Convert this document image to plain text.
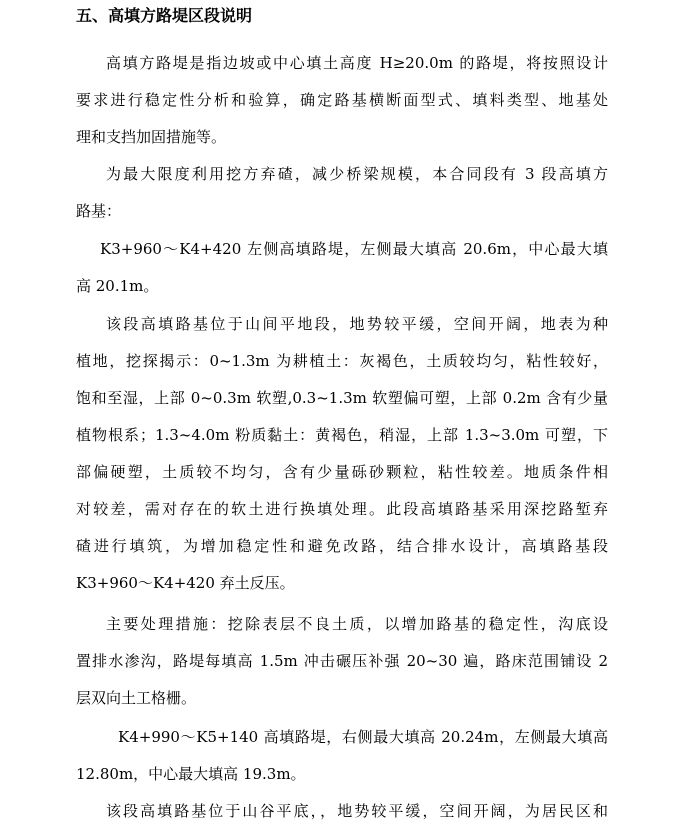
五、高填方路堤区段说明
高填方路堤是指边坡或中心填土高度 H≥20.0m 的路堤，将按照设计
要求进行稳定性分析和验算，确定路基横断面型式、填料类型、地基处
理和支挡加固措施等。
为最大限度利用挖方弃碴，减少桥梁规模，本合同段有 3 段高填方
路基：
K3+960～K4+420 左侧高填路堤，左侧最大填高 20.6m，中心最大填
高 20.1m。
该段高填路基位于山间平地段，地势较平缓，空间开阔，地表为种
植地，挖探揭示：0~1.3m 为耕植土：灰褐色，土质较均匀，粘性较好，
饱和至湿，上部 0~0.3m 软塑,0.3~1.3m 软塑偏可塑，上部 0.2m 含有少量
植物根系；1.3~4.0m 粉质黏土：黄褐色，稍湿，上部 1.3~3.0m 可塑，下
部偏硬塑，土质较不均匀，含有少量砾砂颗粒，粘性较差。地质条件相
对较差，需对存在的软土进行换填处理。此段高填路基采用深挖路堑弃
碴进行填筑，为增加稳定性和避免改路，结合排水设计，高填路基段
K3+960～K4+420 弃土反压。
主要处理措施：挖除表层不良土质，以增加路基的稳定性，沟底设
置排水渗沟，路堤每填高 1.5m 冲击碾压补强 20~30 遍，路床范围铺设 2
层双向土工格栅。
K4+990～K5+140 高填路堤，右侧最大填高 20.24m，左侧最大填高
12.80m，中心最大填高 19.3m。
该段高填路基位于山谷平底，，地势较平缓，空间开阔，为居民区和
